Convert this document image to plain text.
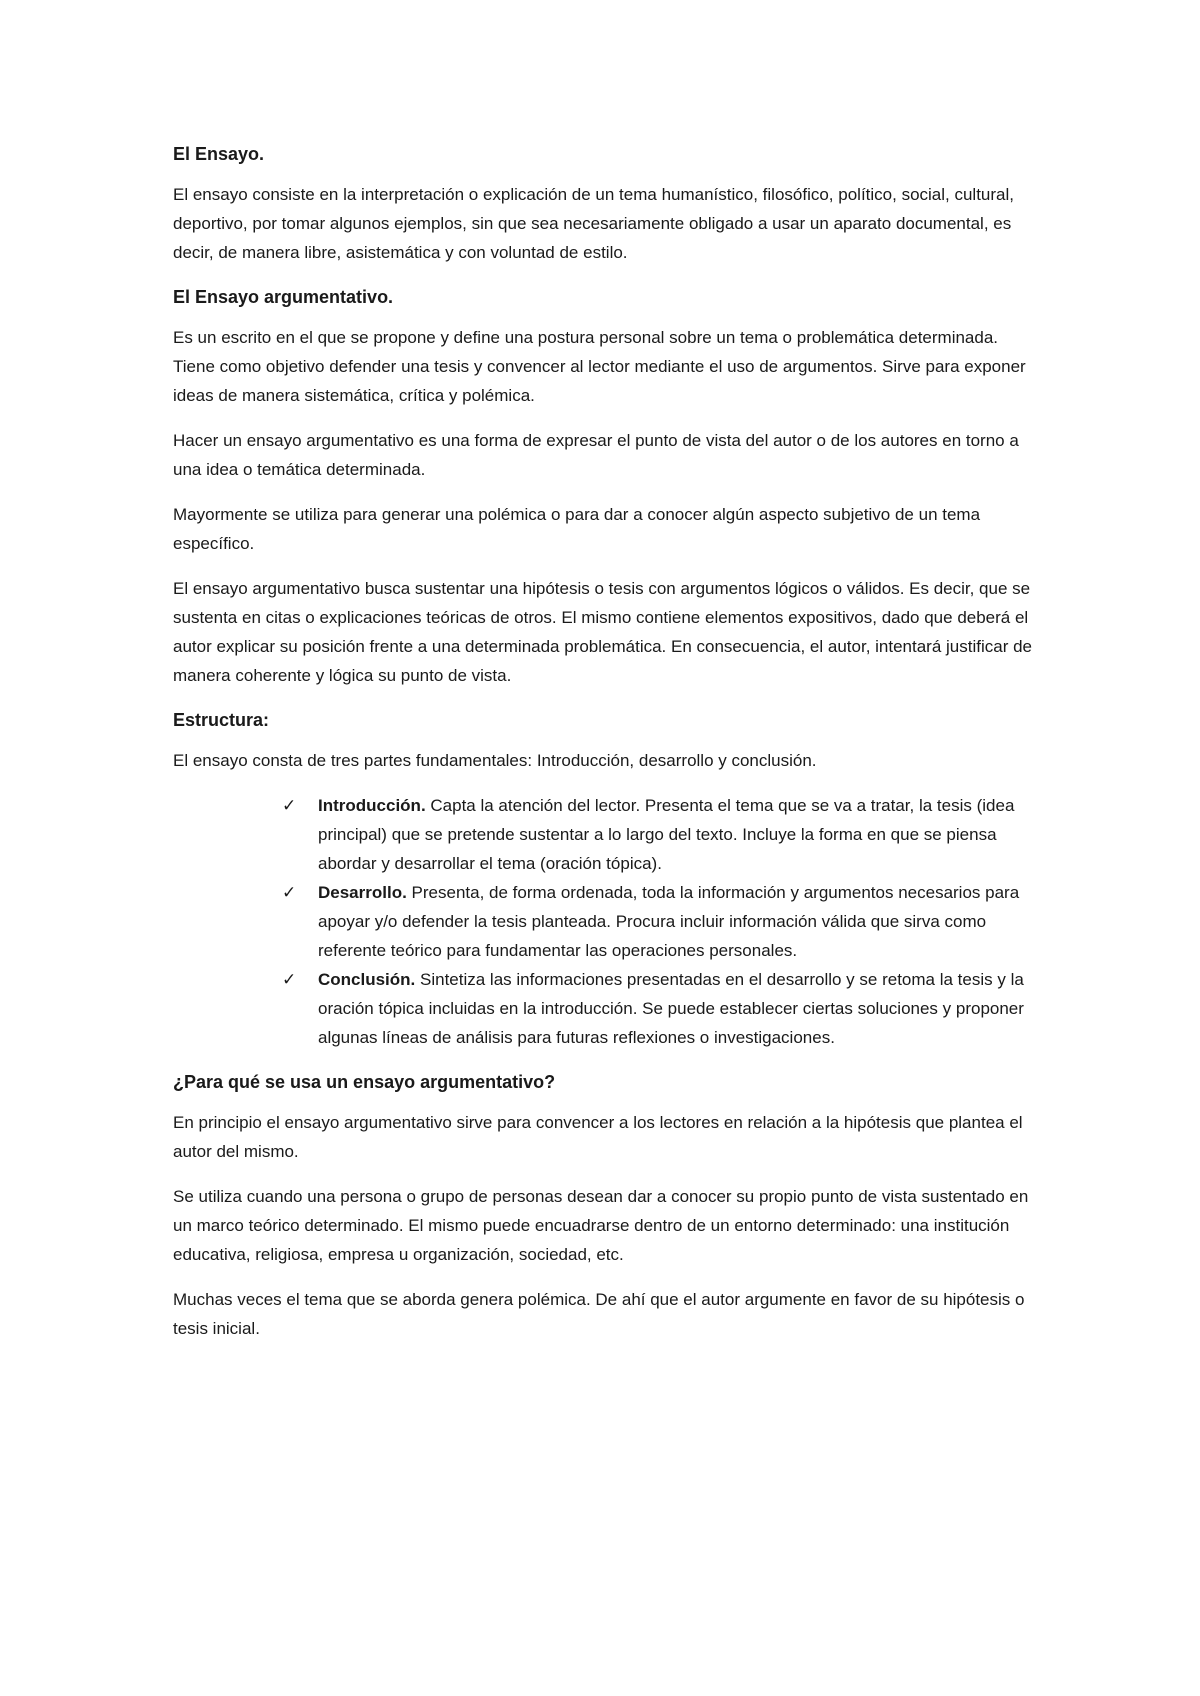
El Ensayo.

El ensayo consiste en la interpretación o explicación de un tema humanístico, filosófico, político, social, cultural, deportivo, por tomar algunos ejemplos, sin que sea necesariamente obligado a usar un aparato documental, es decir, de manera libre, asistemática y con voluntad de estilo.

El Ensayo argumentativo.

Es un escrito en el que se propone y define una postura personal sobre un tema o problemática determinada. Tiene como objetivo defender una tesis y convencer al lector mediante el uso de argumentos. Sirve para exponer ideas de manera sistemática, crítica y polémica.

Hacer un ensayo argumentativo es una forma de expresar el punto de vista del autor o de los autores en torno a una idea o temática determinada.

Mayormente se utiliza para generar una polémica o para dar a conocer algún aspecto subjetivo de un tema específico.

El ensayo argumentativo busca sustentar una hipótesis o tesis con argumentos lógicos o válidos. Es decir, que se sustenta en citas o explicaciones teóricas de otros. El mismo contiene elementos expositivos, dado que deberá el autor explicar su posición frente a una determinada problemática. En consecuencia, el autor, intentará justificar de manera coherente y lógica su punto de vista.

Estructura:

El ensayo consta de tres partes fundamentales: Introducción, desarrollo y conclusión.

✓ Introducción. Capta la atención del lector. Presenta el tema que se va a tratar, la tesis (idea principal) que se pretende sustentar a lo largo del texto. Incluye la forma en que se piensa abordar y desarrollar el tema (oración tópica).
✓ Desarrollo. Presenta, de forma ordenada, toda la información y argumentos necesarios para apoyar y/o defender la tesis planteada. Procura incluir información válida que sirva como referente teórico para fundamentar las operaciones personales.
✓ Conclusión. Sintetiza las informaciones presentadas en el desarrollo y se retoma la tesis y la oración tópica incluidas en la introducción. Se puede establecer ciertas soluciones y proponer algunas líneas de análisis para futuras reflexiones o investigaciones.
¿Para qué se usa un ensayo argumentativo?

En principio el ensayo argumentativo sirve para convencer a los lectores en relación a la hipótesis que plantea el autor del mismo.

Se utiliza cuando una persona o grupo de personas desean dar a conocer su propio punto de vista sustentado en un marco teórico determinado. El mismo puede encuadrarse dentro de un entorno determinado: una institución educativa, religiosa, empresa u organización, sociedad, etc.

Muchas veces el tema que se aborda genera polémica. De ahí que el autor argumente en favor de su hipótesis o tesis inicial.
